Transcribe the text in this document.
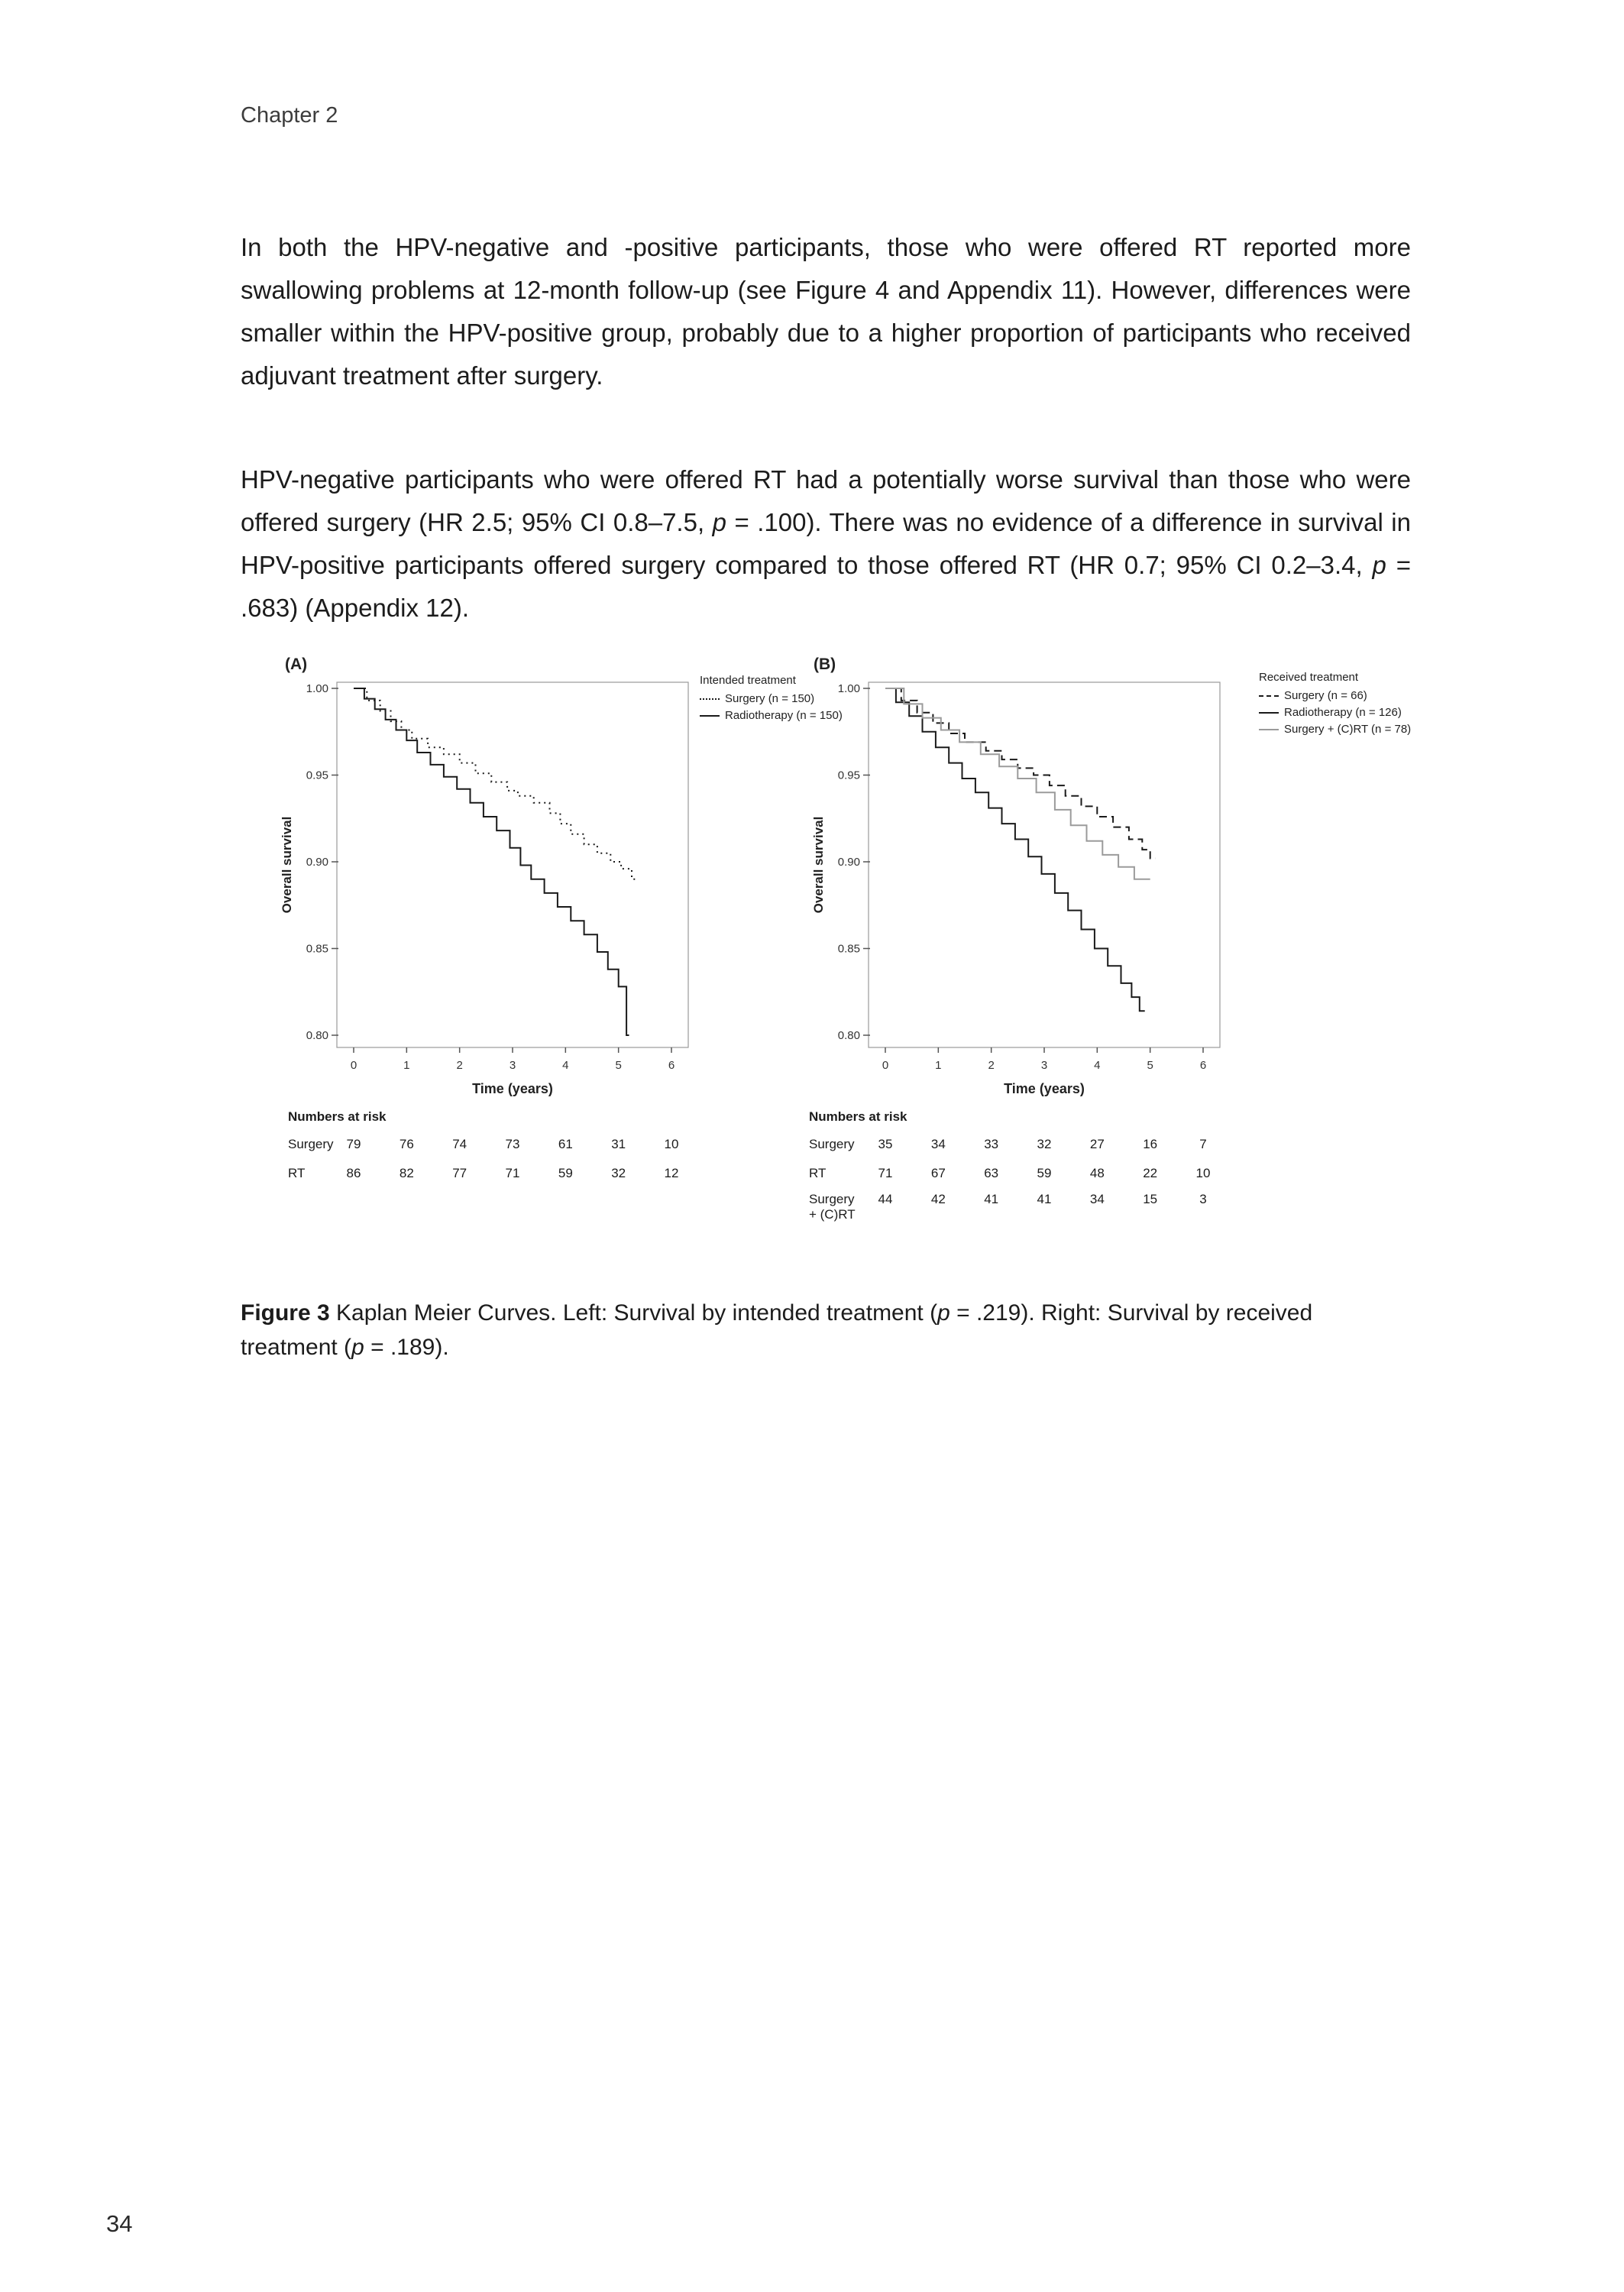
Chapter 2

In both the HPV-negative and -positive participants, those who were offered RT reported more swallowing problems at 12-month follow-up (see Figure 4 and Appendix 11). However, differences were smaller within the HPV-positive group, probably due to a higher proportion of participants who received adjuvant treatment after surgery.

HPV-negative participants who were offered RT had a potentially worse survival than those who were offered surgery (HR 2.5; 95% CI 0.8–7.5, p = .100). There was no evidence of a difference in survival in HPV-positive participants offered surgery compared to those offered RT (HR 0.7; 95% CI 0.2–3.4, p = .683) (Appendix 12).

(A)	(B)
0.80
0.85
0.90
0.95
1.00
0	1	2	3	4	5	6
Overall survival
Time (years)
0.80
0.85
0.90
0.95
1.00
0	1	2	3	4	5	6
Overall survival
Time (years)
Intended treatment
Surgery (n = 150)
Radiotherapy (n = 150)
Received treatment
Surgery (n = 66)
Radiotherapy (n = 126)
Surgery + (C)RT (n = 78)
Numbers at risk
Surgery 79	76	74	73	61	31	10
RT	86	82	77	71	59	32	12
Numbers at risk
Surgery 35	34	33	32	27	16	7
RT	71	67	63	59	48	22	10
Surgery
+ (C)RT
44	42	41	41	34	15	3

Figure 3 Kaplan Meier Curves. Left: Survival by intended treatment (p = .219). Right: Survival by received treatment (p = .189).

34
